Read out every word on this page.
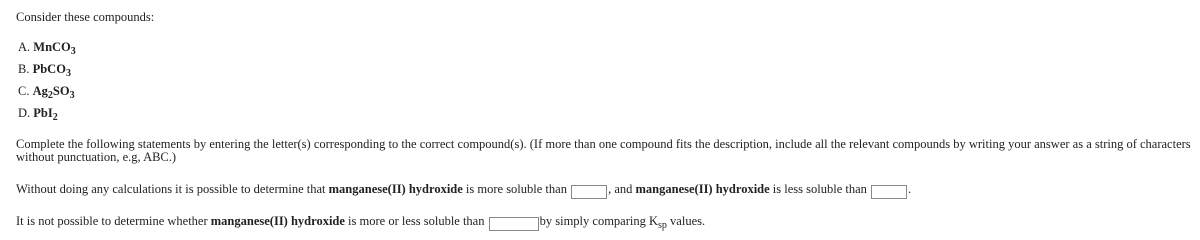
Consider these compounds:

A. MnCO$_3$
B. PbCO$_3$
C. $Ag_2SO_3$
D. PbI$_2$

Complete the following statements by entering the letter(s) corresponding to the correct compound(s). (If more than one compound fits the description, include all the relevant compounds by writing your answer as a string of characters without punctuation, e.g, ABC.)

Without doing any calculations it is possible to determine that manganese(II) hydroxide is more soluble than	, and manganese(II) hydroxide is less soluble than	.

It is not possible to determine whether manganese(II) hydroxide is more or less soluble than	by simply comparing $K_{sp}$ values.
